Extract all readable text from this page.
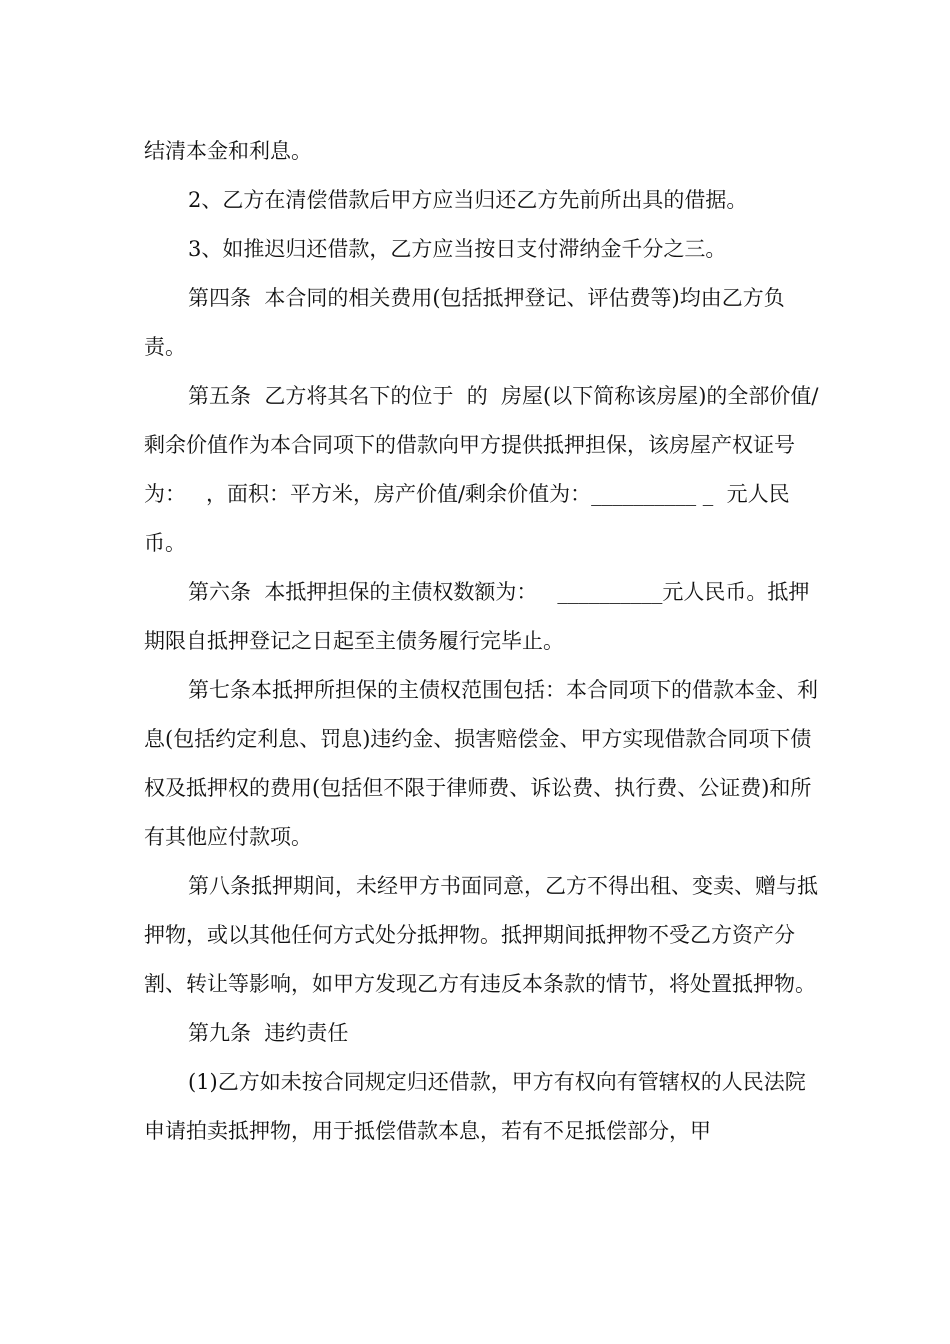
结清本金和利息。

2、乙方在清偿借款后甲方应当归还乙方先前所出具的借据。

3、如推迟归还借款，乙方应当按日支付滞纳金千分之三。

第四条  本合同的相关费用(包括抵押登记、评估费等)均由乙方负责。

第五条  乙方将其名下的位于  的  房屋(以下简称该房屋)的全部价值/剩余价值作为本合同项下的借款向甲方提供抵押担保，该房屋产权证号为：   ，面积：平方米，房产价值/剩余价值为：__________ _  元人民币。

第六条  本抵押担保的主债权数额为：   __________元人民币。抵押期限自抵押登记之日起至主债务履行完毕止。

第七条本抵押所担保的主债权范围包括：本合同项下的借款本金、利息(包括约定利息、罚息)违约金、损害赔偿金、甲方实现借款合同项下债权及抵押权的费用(包括但不限于律师费、诉讼费、执行费、公证费)和所有其他应付款项。

第八条抵押期间，未经甲方书面同意，乙方不得出租、变卖、赠与抵押物，或以其他任何方式处分抵押物。抵押期间抵押物不受乙方资产分割、转让等影响，如甲方发现乙方有违反本条款的情节，将处置抵押物。

第九条  违约责任

(1)乙方如未按合同规定归还借款，甲方有权向有管辖权的人民法院申请拍卖抵押物，用于抵偿借款本息，若有不足抵偿部分，甲
